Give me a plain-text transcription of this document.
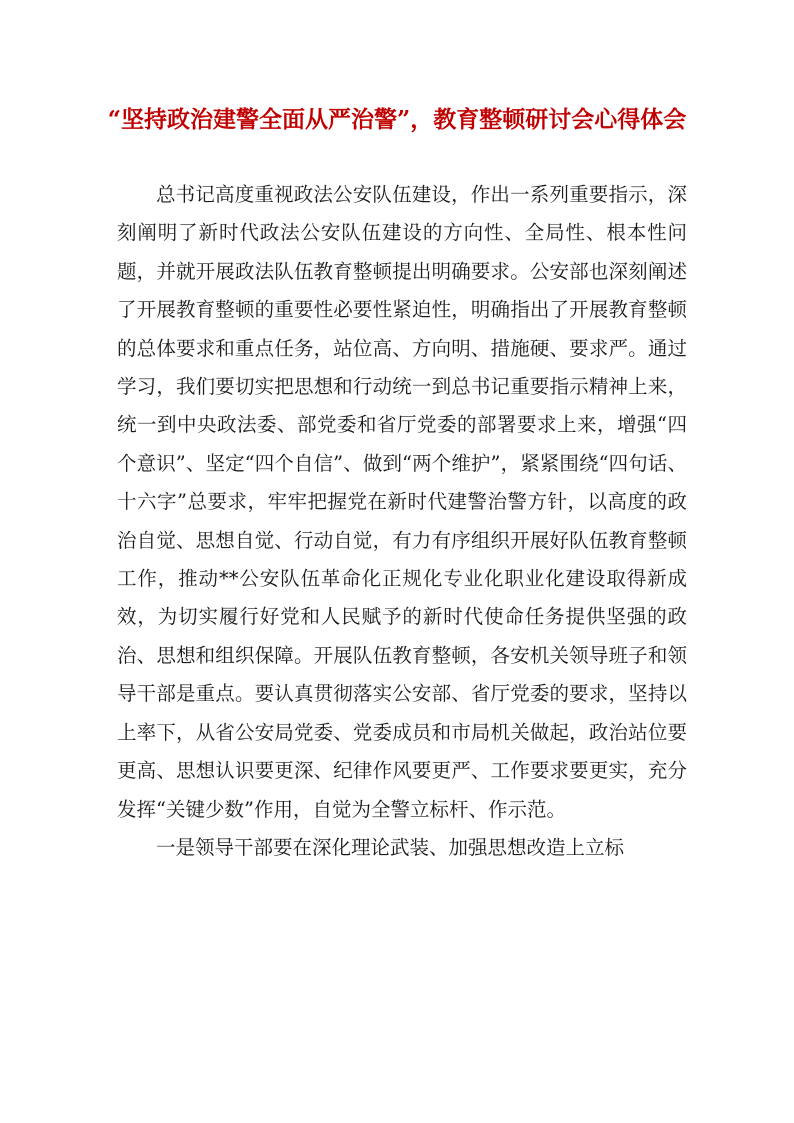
“坚持政治建警全面从严治警”，教育整顿研讨会心得体会

总书记高度重视政法公安队伍建设，作出一系列重要指示，深刻阐明了新时代政法公安队伍建设的方向性、全局性、根本性问题，并就开展政法队伍教育整顿提出明确要求。公安部也深刻阐述了开展教育整顿的重要性必要性紧迫性，明确指出了开展教育整顿的总体要求和重点任务，站位高、方向明、措施硬、要求严。通过学习，我们要切实把思想和行动统一到总书记重要指示精神上来，统一到中央政法委、部党委和省厅党委的部署要求上来，增强“四个意识”、坚定“四个自信”、做到“两个维护”，紧紧围绕“四句话、十六字”总要求，牢牢把握党在新时代建警治警方针，以高度的政治自觉、思想自觉、行动自觉，有力有序组织开展好队伍教育整顿工作，推动**公安队伍革命化正规化专业化职业化建设取得新成效，为切实履行好党和人民赋予的新时代使命任务提供坚强的政治、思想和组织保障。开展队伍教育整顿，各安机关领导班子和领导干部是重点。要认真贯彻落实公安部、省厅党委的要求，坚持以上率下，从省公安局党委、党委成员和市局机关做起，政治站位要更高、思想认识要更深、纪律作风要更严、工作要求要更实，充分发挥“关键少数”作用，自觉为全警立标杆、作示范。

一是领导干部要在深化理论武装、加强思想改造上立标
